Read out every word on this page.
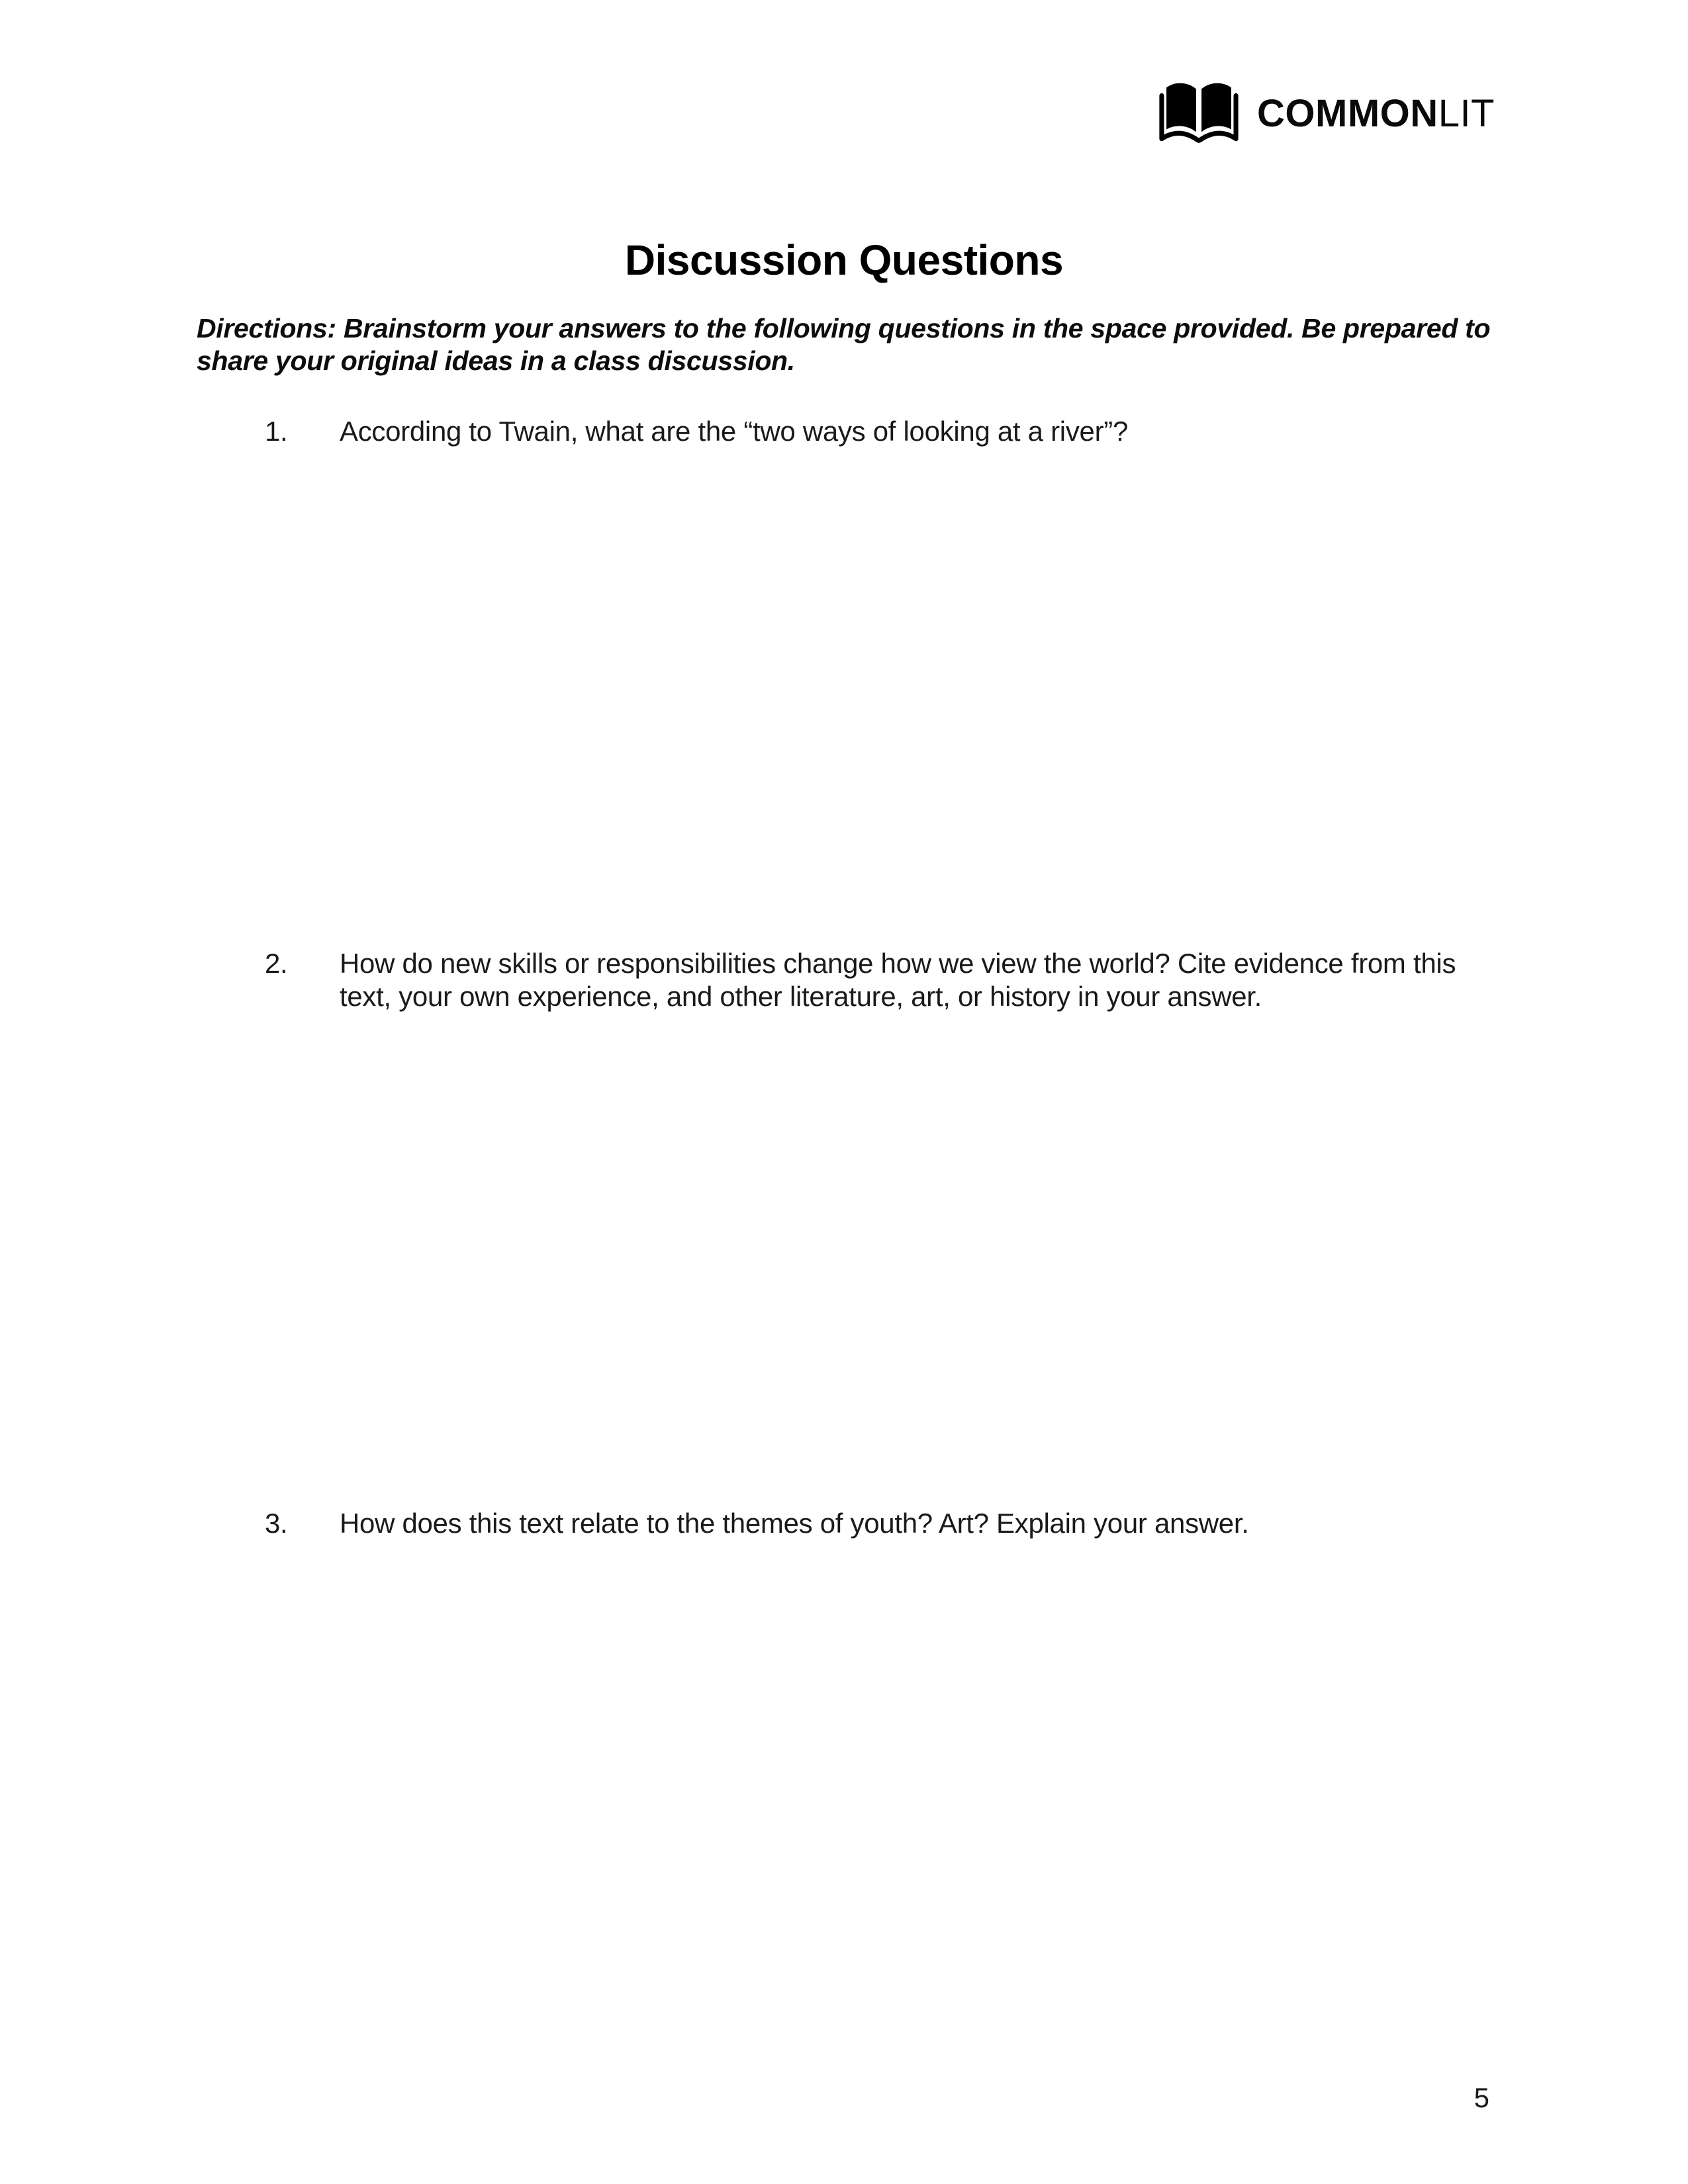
COMMONLIT
Discussion Questions
Directions: Brainstorm your answers to the following questions in the space provided. Be prepared to share your original ideas in a class discussion.
1.	According to Twain, what are the “two ways of looking at a river”?
2.	How do new skills or responsibilities change how we view the world? Cite evidence from this text, your own experience, and other literature, art, or history in your answer.
3.	How does this text relate to the themes of youth? Art? Explain your answer.
5
